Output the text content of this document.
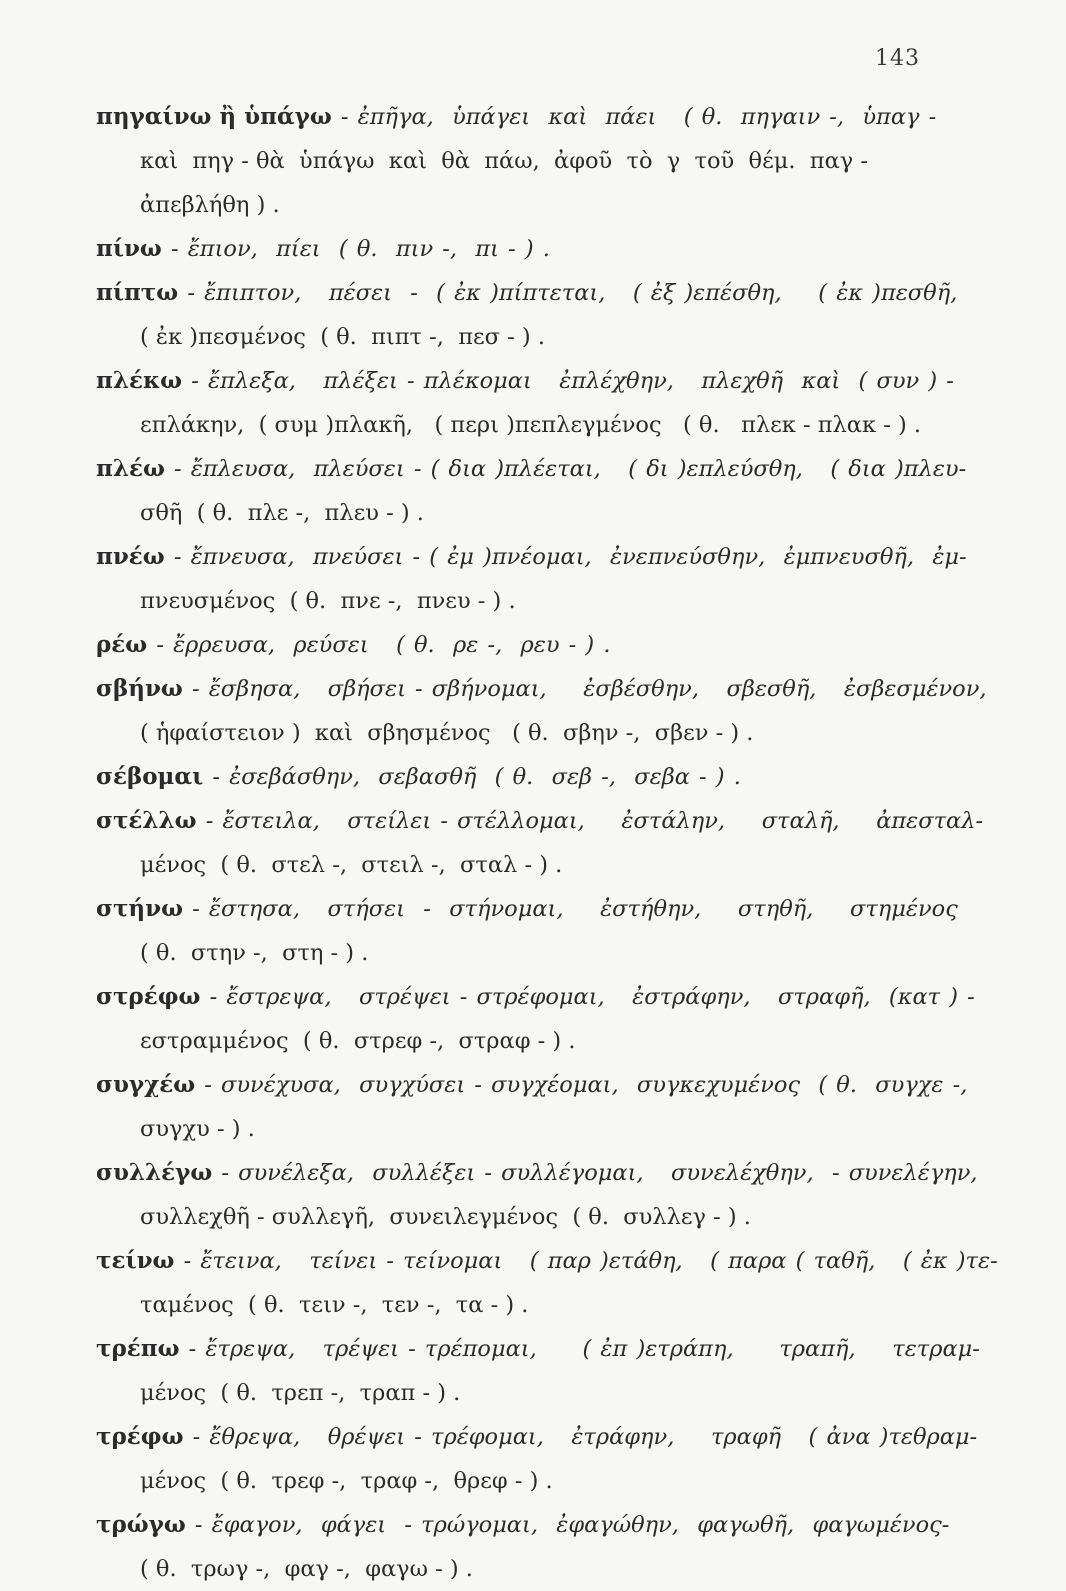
143
πηγαίνω ἢ ὑπάγω - ἐπῆγα,  ὑπάγει  καὶ  πάει   ( θ.  πηγαιν -,  ὑπαγ -
καὶ  πηγ - θὰ  ὑπάγω  καὶ  θὰ  πάω,  ἀφοῦ  τὸ  γ  τοῦ  θέμ.  παγ -
ἀπεβλήθη ) .
πίνω - ἔπιον,  πίει  ( θ.  πιν -,  πι - ) .
πίπτω - ἔπιπτον,   πέσει  -  ( ἐκ )πίπτεται,   ( ἐξ )επέσθη,    ( ἐκ )πεσθῆ,
( ἐκ )πεσμένος  ( θ.  πιπτ -,  πεσ - ) .
πλέκω - ἔπλεξα,   πλέξει - πλέκομαι   ἐπλέχθην,   πλεχθῆ  καὶ  ( συν ) -
επλάκην,  ( συμ )πλακῆ,   ( περι )πεπλεγμένος   ( θ.   πλεκ - πλακ - ) .
πλέω - ἔπλευσα,  πλεύσει - ( δια )πλέεται,   ( δι )επλεύσθη,   ( δια )πλευ-
σθῆ  ( θ.  πλε -,  πλευ - ) .
πνέω - ἔπνευσα,  πνεύσει - ( ἐμ )πνέομαι,  ἐνεπνεύσθην,  ἐμπνευσθῆ,  ἐμ-
πνευσμένος  ( θ.  πνε -,  πνευ - ) .
ρέω - ἔρρευσα,  ρεύσει   ( θ.  ρε -,  ρευ - ) .
σβήνω - ἔσβησα,   σβήσει - σβήνομαι,    ἐσβέσθην,   σβεσθῆ,   ἐσβεσμένον,
( ἡφαίστειον )  καὶ  σβησμένος   ( θ.  σβην -,  σβεν - ) .
σέβομαι - ἐσεβάσθην,  σεβασθῆ  ( θ.  σεβ -,  σεβα - ) .
στέλλω - ἔστειλα,   στείλει - στέλλομαι,    ἐστάλην,    σταλῆ,    ἀπεσταλ-
μένος  ( θ.  στελ -,  στειλ -,  σταλ - ) .
στήνω - ἔστησα,   στήσει  -  στήνομαι,    ἐστήθην,    στηθῆ,    στημένος
( θ.  στην -,  στη - ) .
στρέφω - ἔστρεψα,   στρέψει - στρέφομαι,   ἐστράφην,   στραφῆ,  (κατ ) -
εστραμμένος  ( θ.  στρεφ -,  στραφ - ) .
συγχέω - συνέχυσα,  συγχύσει - συγχέομαι,  συγκεχυμένος  ( θ.  συγχε -,
συγχυ - ) .
συλλέγω - συνέλεξα,  συλλέξει - συλλέγομαι,   συνελέχθην,  - συνελέγην,
συλλεχθῆ - συλλεγῆ,  συνειλεγμένος  ( θ.  συλλεγ - ) .
τείνω - ἔτεινα,   τείνει - τείνομαι   ( παρ )ετάθη,   ( παρα ( ταθῆ,   ( ἐκ )τε-
ταμένος  ( θ.  τειν -,  τεν -,  τα - ) .
τρέπω - ἔτρεψα,   τρέψει - τρέπομαι,     ( ἐπ )ετράπη,     τραπῆ,    τετραμ-
μένος  ( θ.  τρεπ -,  τραπ - ) .
τρέφω - ἔθρεψα,   θρέψει - τρέφομαι,   ἐτράφην,    τραφῆ   ( ἀνα )τεθραμ-
μένος  ( θ.  τρεφ -,  τραφ -,  θρεφ - ) .
τρώγω - ἔφαγον,  φάγει  - τρώγομαι,  ἐφαγώθην,  φαγωθῆ,  φαγωμένος-
( θ.  τρωγ -,  φαγ -,  φαγω - ) .
